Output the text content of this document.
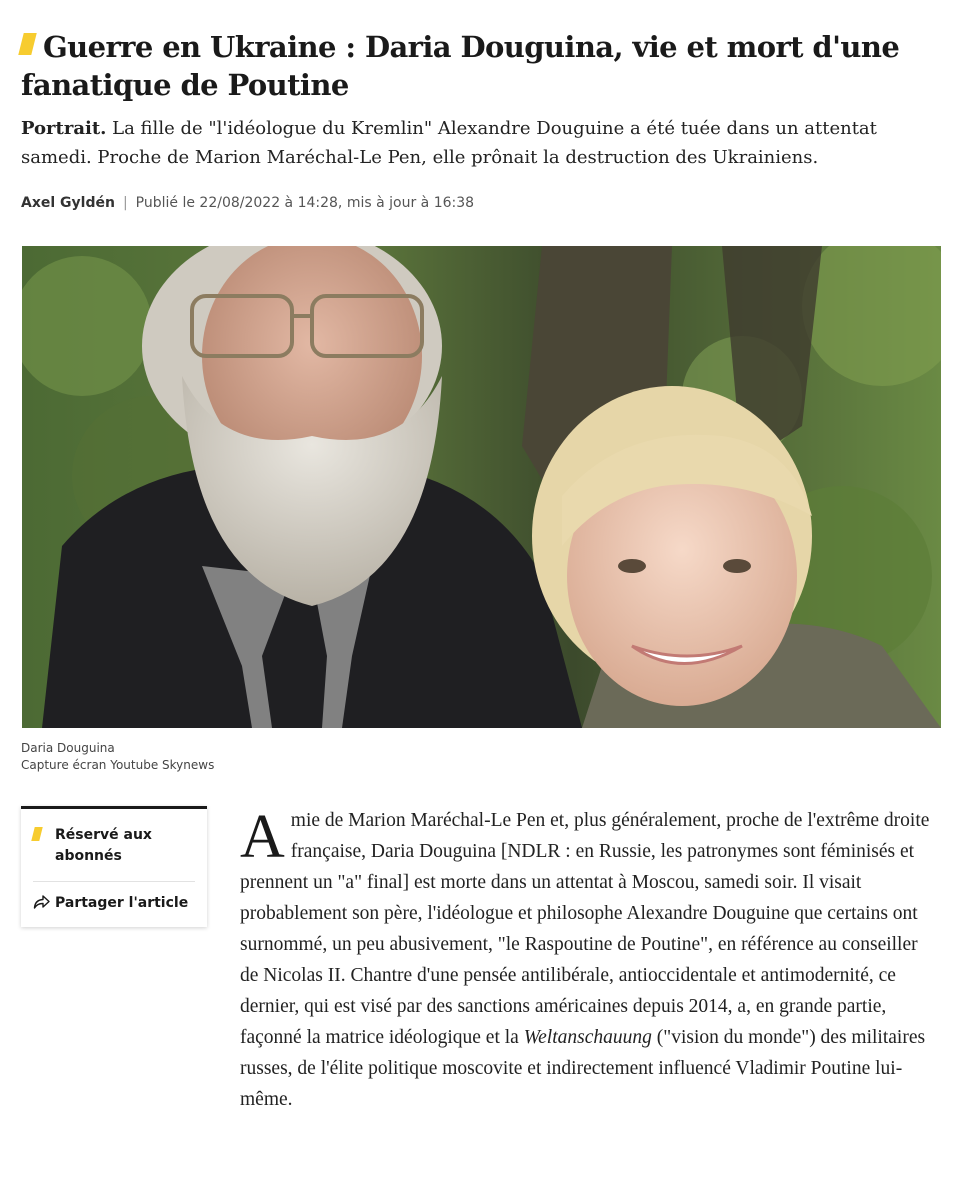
Guerre en Ukraine : Daria Douguina, vie et mort d'une fanatique de Poutine
Portrait. La fille de "l'idéologue du Kremlin" Alexandre Douguine a été tuée dans un attentat samedi. Proche de Marion Maréchal-Le Pen, elle prônait la destruction des Ukrainiens.
Axel Gyldén | Publié le 22/08/2022 à 14:28, mis à jour à 16:38
Daria Douguina
Capture écran Youtube Skynews
Réservé aux abonnés
Partager l'article

Amie de Marion Maréchal-Le Pen et, plus généralement, proche de l'extrême droite française, Daria Douguina [NDLR : en Russie, les patronymes sont féminisés et prennent un "a" final] est morte dans un attentat à Moscou, samedi soir. Il visait probablement son père, l'idéologue et philosophe Alexandre Douguine que certains ont surnommé, un peu abusivement, "le Raspoutine de Poutine", en référence au conseiller de Nicolas II. Chantre d'une pensée antilibérale, antioccidentale et antimodernité, ce dernier, qui est visé par des sanctions américaines depuis 2014, a, en grande partie, façonné la matrice idéologique et la Weltanschauung ("vision du monde") des militaires russes, de l'élite politique moscovite et indirectement influencé Vladimir Poutine lui-même.
